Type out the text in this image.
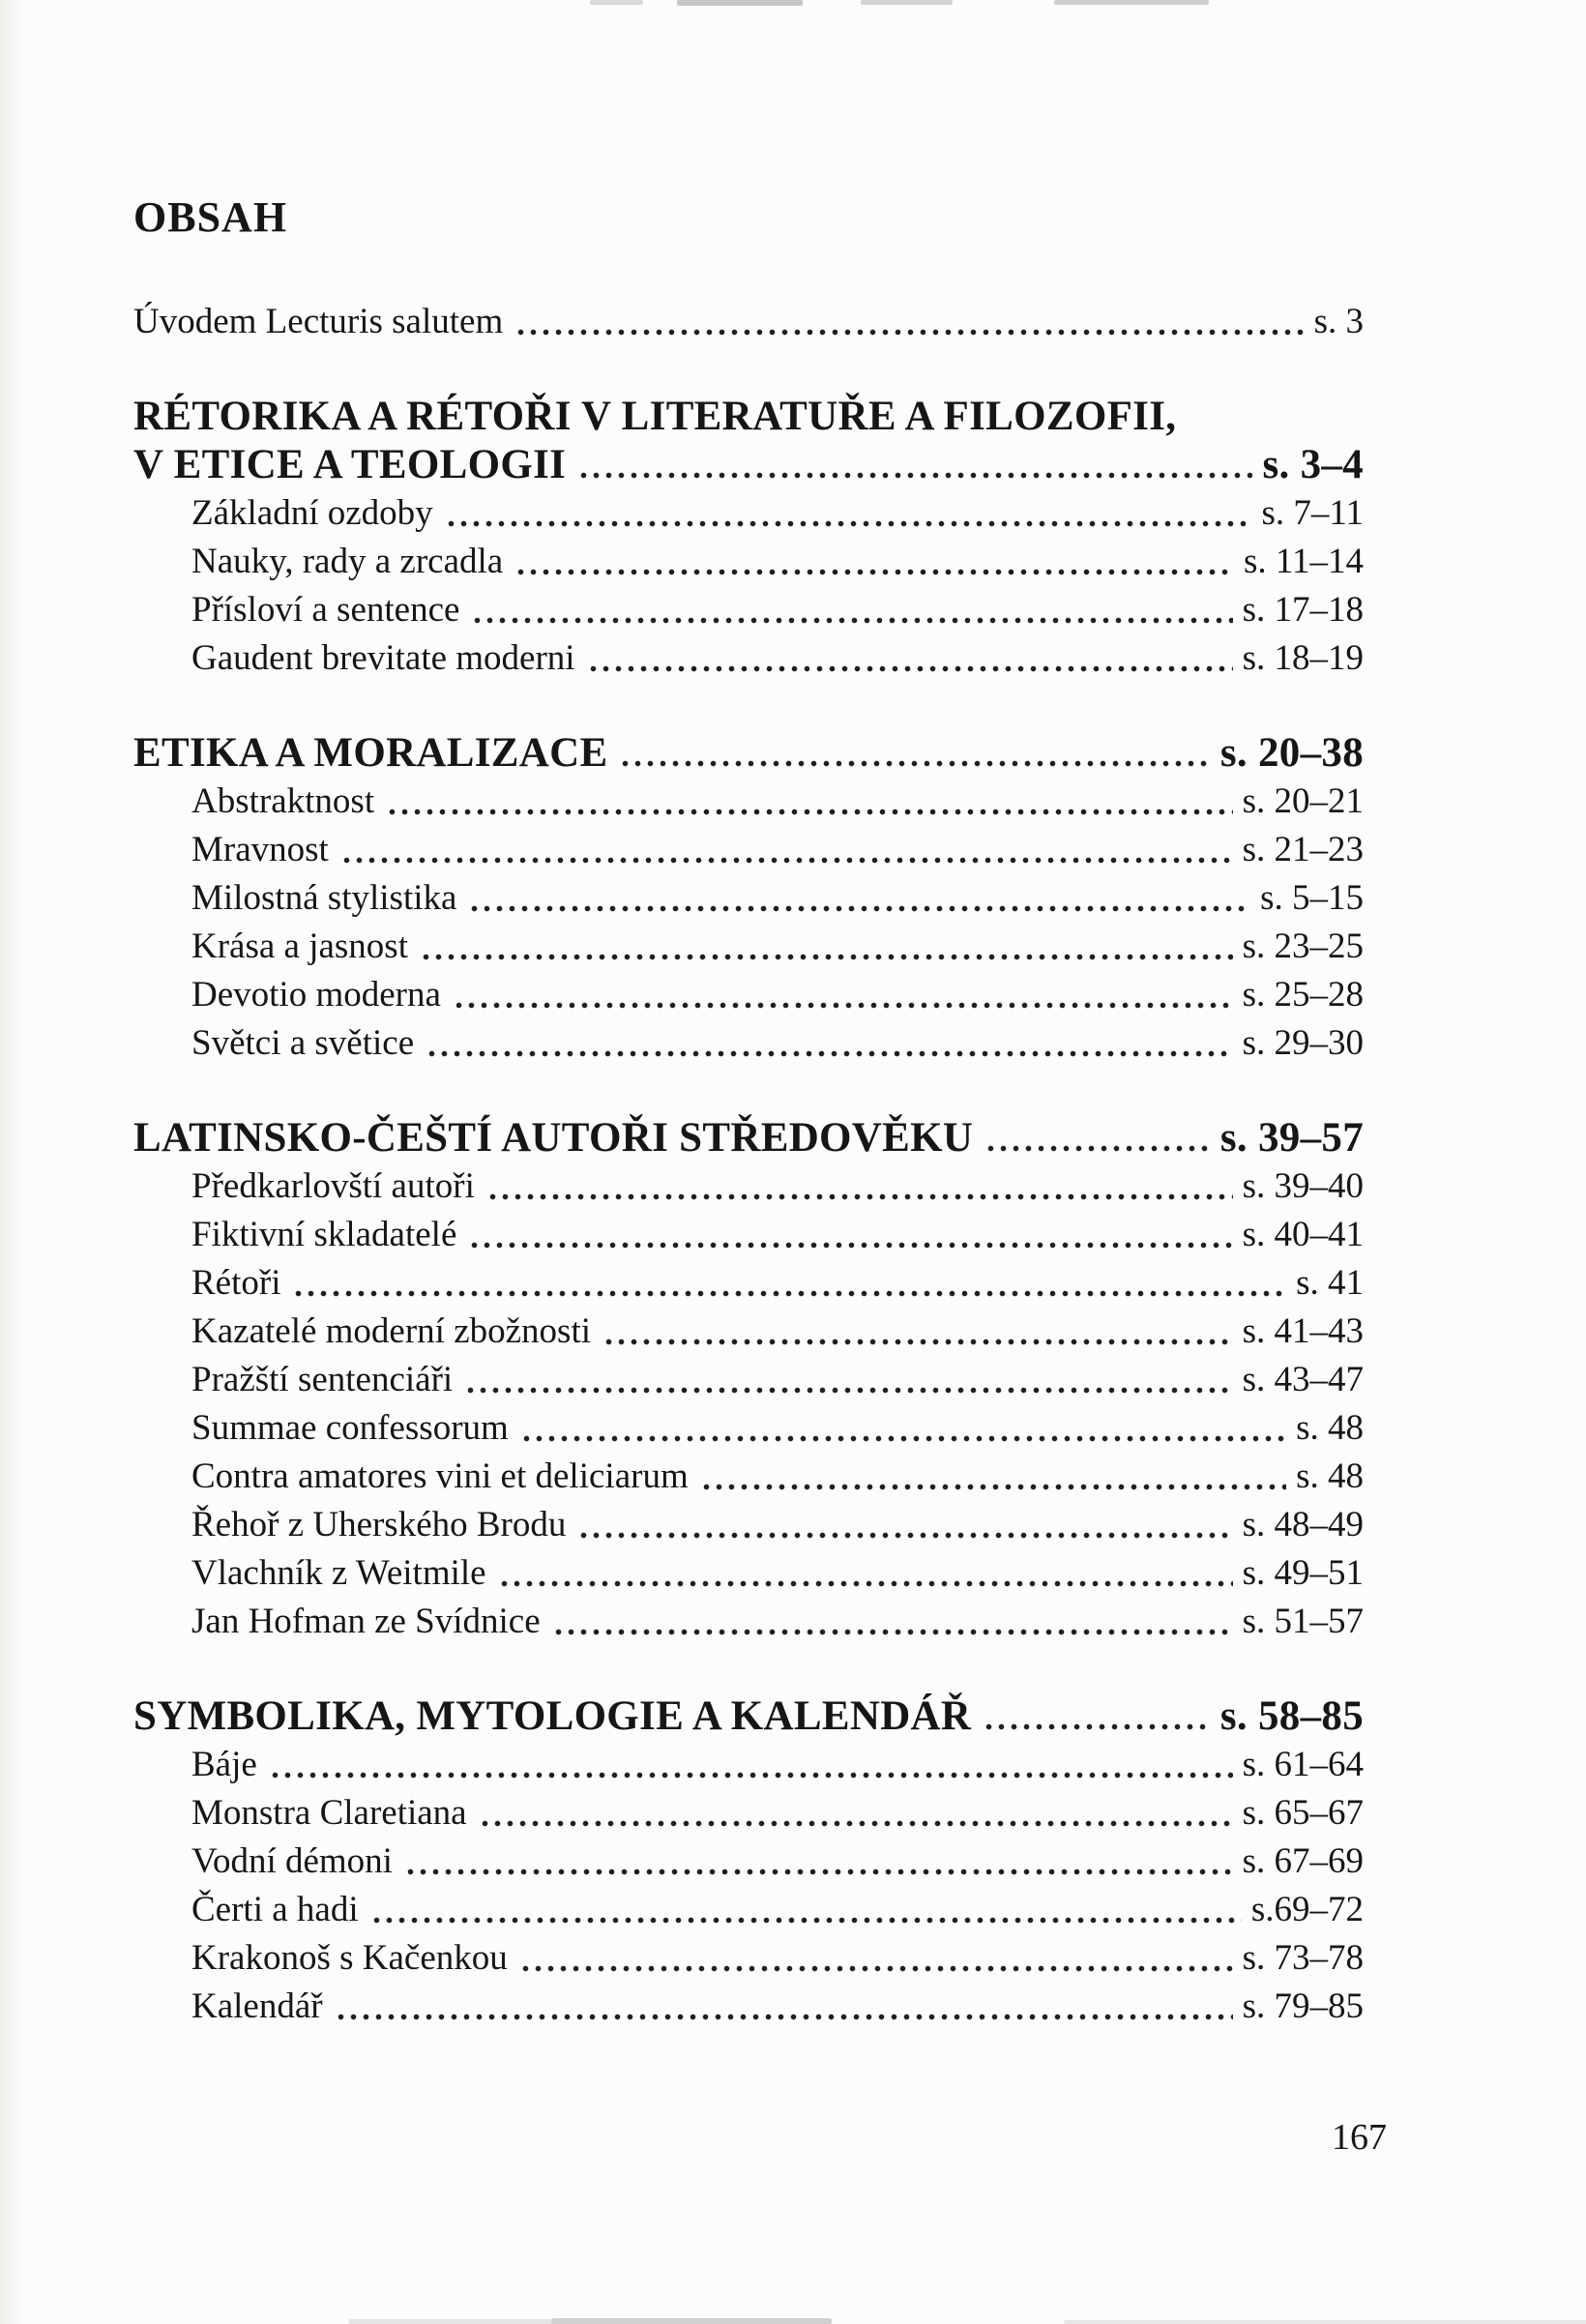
OBSAH
Úvodem Lecturis salutem	s. 3
RÉTORIKA A RÉTOŘI V LITERATUŘE A FILOZOFII,
V ETICE A TEOLOGII	s. 3–4
Základní ozdoby	s. 7–11
Nauky, rady a zrcadla	s. 11–14
Přísloví a sentence	s. 17–18
Gaudent brevitate moderni	s. 18–19
ETIKA A MORALIZACE	s. 20–38
Abstraktnost	s. 20–21
Mravnost	s. 21–23
Milostná stylistika	s. 5–15
Krása a jasnost	s. 23–25
Devotio moderna	s. 25–28
Světci a světice	s. 29–30
LATINSKO-ČEŠTÍ AUTOŘI STŘEDOVĚKU	s. 39–57
Předkarlovští autoři	s. 39–40
Fiktivní skladatelé	s. 40–41
Rétoři	s. 41
Kazatelé moderní zbožnosti	s. 41–43
Pražští sentenciáři	s. 43–47
Summae confessorum	s. 48
Contra amatores vini et deliciarum	s. 48
Řehoř z Uherského Brodu	s. 48–49
Vlachník z Weitmile	s. 49–51
Jan Hofman ze Svídnice	s. 51–57
SYMBOLIKA, MYTOLOGIE A KALENDÁŘ	s. 58–85
Báje	s. 61–64
Monstra Claretiana	s. 65–67
Vodní démoni	s. 67–69
Čerti a hadi	s.69–72
Krakonoš s Kačenkou	s. 73–78
Kalendář	s. 79–85
167
